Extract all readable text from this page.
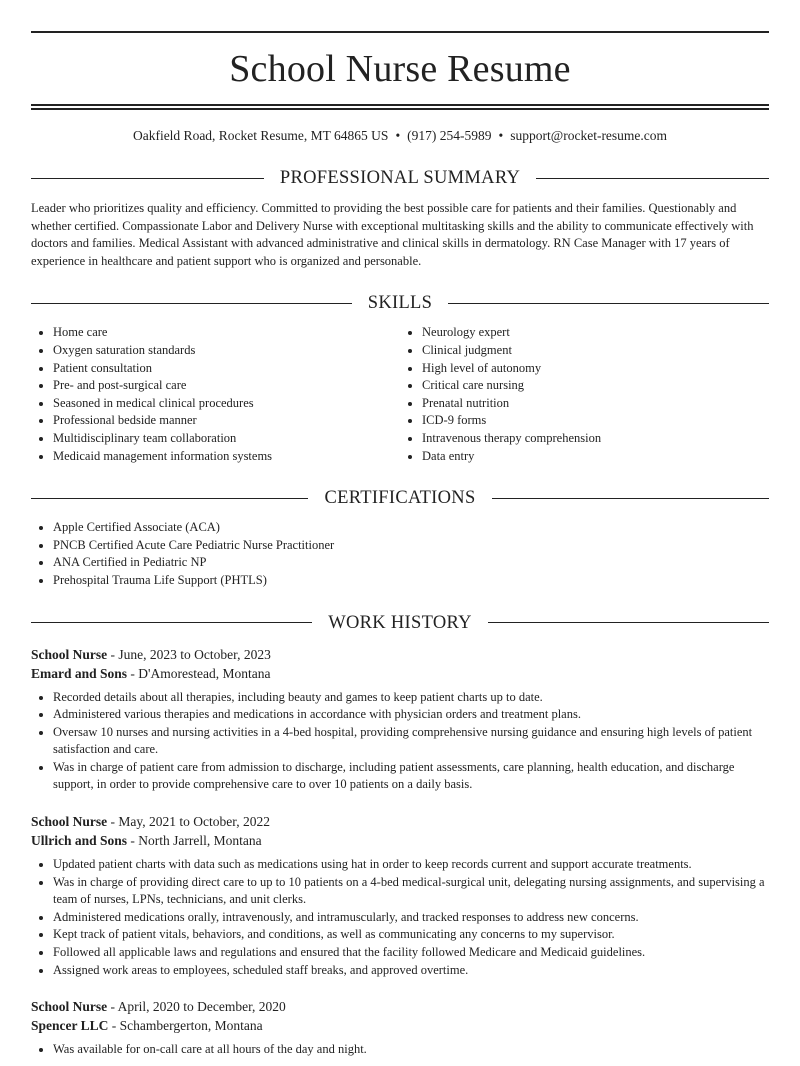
School Nurse Resume
Oakfield Road, Rocket Resume, MT 64865 US • (917) 254-5989 • support@rocket-resume.com
PROFESSIONAL SUMMARY
Leader who prioritizes quality and efficiency. Committed to providing the best possible care for patients and their families. Questionably and whether certified. Compassionate Labor and Delivery Nurse with exceptional multitasking skills and the ability to communicate effectively with doctors and families. Medical Assistant with advanced administrative and clinical skills in dermatology. RN Case Manager with 17 years of experience in healthcare and patient support who is organized and personable.
SKILLS
• Home care
• Oxygen saturation standards
• Patient consultation
• Pre- and post-surgical care
• Seasoned in medical clinical procedures
• Professional bedside manner
• Multidisciplinary team collaboration
• Medicaid management information systems
• Neurology expert
• Clinical judgment
• High level of autonomy
• Critical care nursing
• Prenatal nutrition
• ICD-9 forms
• Intravenous therapy comprehension
• Data entry
CERTIFICATIONS
• Apple Certified Associate (ACA)
• PNCB Certified Acute Care Pediatric Nurse Practitioner
• ANA Certified in Pediatric NP
• Prehospital Trauma Life Support (PHTLS)
WORK HISTORY
School Nurse - June, 2023 to October, 2023
Emard and Sons - D'Amorestead, Montana
• Recorded details about all therapies, including beauty and games to keep patient charts up to date.
• Administered various therapies and medications in accordance with physician orders and treatment plans.
• Oversaw 10 nurses and nursing activities in a 4-bed hospital, providing comprehensive nursing guidance and ensuring high levels of patient satisfaction and care.
• Was in charge of patient care from admission to discharge, including patient assessments, care planning, health education, and discharge support, in order to provide comprehensive care to over 10 patients on a daily basis.
School Nurse - May, 2021 to October, 2022
Ullrich and Sons - North Jarrell, Montana
• Updated patient charts with data such as medications using hat in order to keep records current and support accurate treatments.
• Was in charge of providing direct care to up to 10 patients on a 4-bed medical-surgical unit, delegating nursing assignments, and supervising a team of nurses, LPNs, technicians, and unit clerks.
• Administered medications orally, intravenously, and intramuscularly, and tracked responses to address new concerns.
• Kept track of patient vitals, behaviors, and conditions, as well as communicating any concerns to my supervisor.
• Followed all applicable laws and regulations and ensured that the facility followed Medicare and Medicaid guidelines.
• Assigned work areas to employees, scheduled staff breaks, and approved overtime.
School Nurse - April, 2020 to December, 2020
Spencer LLC - Schambergerton, Montana
• Was available for on-call care at all hours of the day and night.
